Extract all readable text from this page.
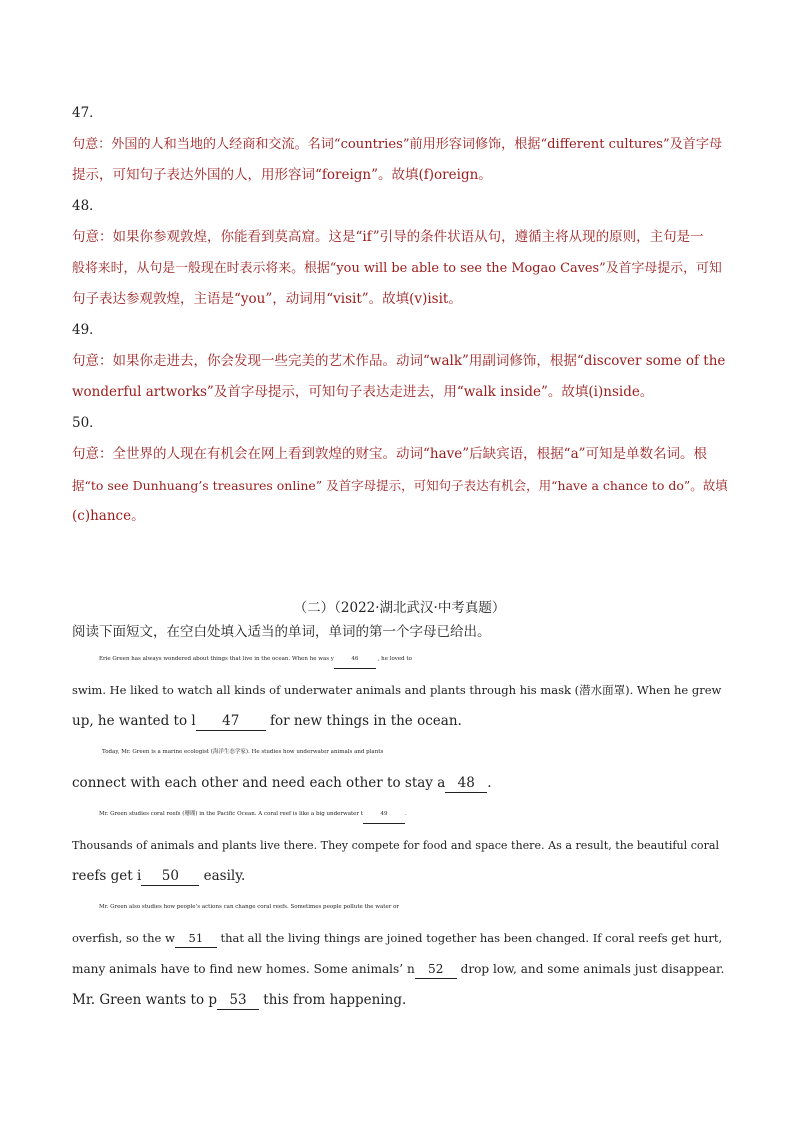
47．
句意：外国的人和当地的人经商和交流。名词“countries”前用形容词修饰，根据“different cultures”及首字母
提示，可知句子表达外国的人，用形容词“foreign”。故填(f)oreign。
48．
句意：如果你参观敦煌，你能看到莫高窟。这是“if”引导的条件状语从句，遵循主将从现的原则，主句是一
般将来时，从句是一般现在时表示将来。根据“you will be able to see the Mogao Caves”及首字母提示，可知
句子表达参观敦煌，主语是“you”，动词用“visit”。故填(v)isit。
49．
句意：如果你走进去，你会发现一些完美的艺术作品。动词“walk”用副词修饰，根据“discover some of the
wonderful artworks”及首字母提示，可知句子表达走进去，用“walk inside”。故填(i)nside。
50．
句意：全世界的人现在有机会在网上看到敦煌的财宝。动词“have”后缺宾语，根据“a”可知是单数名词。根
据“to see Dunhuang’s treasures online” 及首字母提示，可知句子表达有机会，用“have a chance to do”。故填
(c)hance。
（二）（2022·湖北武汉·中考真题）
阅读下面短文，在空白处填入适当的单词，单词的第一个字母已给出。
Erie Green has always wondered about things that live in the ocean. When he was y	46	, he loved to
swim. He liked to watch all kinds of underwater animals and plants through his mask (潜水面罩). When he grew
up, he wanted to l 47 for new things in the ocean.
Today, Mr. Green is a marine ecologist (海洋生态学家). He studies how underwater animals and plants
connect with each other and need each other to stay a 48 .
Mr. Green studies coral reefs (珊瑚) in the Pacific Ocean. A coral reef is like a big underwater t	49	.
Thousands of animals and plants live there. They compete for food and space there. As a result, the beautiful coral
reefs get i 50 easily.
Mr. Green also studies how people’s actions can change coral reefs. Sometimes people pollute the water or
overfish, so the w 51 that all the living things are joined together has been changed. If coral reefs get hurt,
many animals have to find new homes. Some animals’ n 52 drop low, and some animals just disappear.
Mr. Green wants to p 53 this from happening.
